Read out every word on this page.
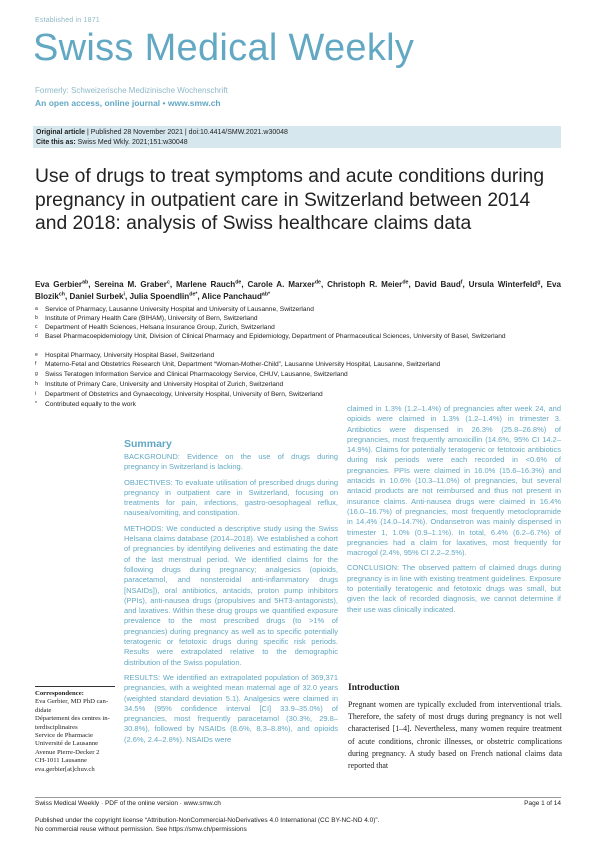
Established in 1871
Swiss Medical Weekly
Formerly: Schweizerische Medizinische Wochenschrift
An open access, online journal • www.smw.ch
Original article | Published 28 November 2021 | doi:10.4414/SMW.2021.w30048
Cite this as: Swiss Med Wkly. 2021;151:w30048
Use of drugs to treat symptoms and acute conditions during pregnancy in outpatient care in Switzerland between 2014 and 2018: analysis of Swiss healthcare claims data
Eva Gerbier$^{ab}$, Sereina M. Graber$^c$, Marlene Rauch$^{de}$, Carole A. Marxer$^{de}$, Christoph R. Meier$^{de}$, David Baud$^f$, Ursula Winterfeld$^g$, Eva Blozik$^{ch}$, Daniel Surbek$^i$, Julia Spoendlin$^{de*}$, Alice Panchaud$^{ab*}$
a Service of Pharmacy, Lausanne University Hospital and University of Lausanne, Switzerland
b Institute of Primary Health Care (BIHAM), University of Bern, Switzerland
c Department of Health Sciences, Helsana Insurance Group, Zurich, Switzerland
d Basel Pharmacoepidemiology Unit, Division of Clinical Pharmacy and Epidemiology, Department of Pharmaceutical Sciences, University of Basel, Switzerland
e Hospital Pharmacy, University Hospital Basel, Switzerland
f Materno-Fetal and Obstetrics Research Unit, Department “Woman-Mother-Child”, Lausanne University Hospital, Lausanne, Switzerland
g Swiss Teratogen Information Service and Clinical Pharmacology Service, CHUV, Lausanne, Switzerland
h Institute of Primary Care, University and University Hospital of Zurich, Switzerland
i Department of Obstetrics and Gynaecology, University Hospital, University of Bern, Switzerland
* Contributed equally to the work
Correspondence:
Eva Gerbier, MD PhD can-
didate
Département des centres in-
terdisciplinaires
Service de Pharmacie
Université de Lausanne
Avenue Pierre-Decker 2
CH-1011 Lausanne
eva.gerbier[at]chuv.ch
Summary

BACKGROUND: Evidence on the use of drugs during pregnancy in Switzerland is lacking.

OBJECTIVES: To evaluate utilisation of prescribed drugs during pregnancy in outpatient care in Switzerland, focusing on treatments for pain, infections, gastro-oesophageal reflux, nausea/vomiting, and constipation.

METHODS: We conducted a descriptive study using the Swiss Helsana claims database (2014–2018). We established a cohort of pregnancies by identifying deliveries and estimating the date of the last menstrual period. We identified claims for the following drugs during pregnancy; analgesics (opioids, paracetamol, and nonsteroidal anti-inflammatory drugs [NSAIDs]), oral antibiotics, antacids, proton pump inhibitors (PPIs), anti-nausea drugs (propulsives and 5HT3-antagonists), and laxatives. Within these drug groups we quantified exposure prevalence to the most prescribed drugs (to >1% of pregnancies) during pregnancy as well as to specific potentially teratogenic or fetotoxic drugs during specific risk periods. Results were extrapolated relative to the demographic distribution of the Swiss population.

RESULTS: We identified an extrapolated population of 369,371 pregnancies, with a weighted mean maternal age of 32.0 years (weighted standard deviation 5.1). Analgesics were claimed in 34.5% (95% confidence interval [CI] 33.9–35.0%) of pregnancies, most frequently paracetamol (30.3%, 29.8–30.8%), followed by NSAIDs (8.6%, 8.3–8.8%), and opioids (2.6%, 2.4–2.8%). NSAIDs were

claimed in 1.3% (1.2–1.4%) of pregnancies after week 24, and opioids were claimed in 1.3% (1.2–1.4%) in trimester 3. Antibiotics were dispensed in 26.3% (25.8–26.8%) of pregnancies, most frequently amoxicillin (14.6%, 95% CI 14.2–14.9%). Claims for potentially teratogenic or fetotoxic antibiotics during risk periods were each recorded in <0.6% of pregnancies. PPIs were claimed in 16.0% (15.6–16.3%) and antacids in 10.6% (10.3–11.0%) of pregnancies, but several antacid products are not reimbursed and thus not present in insurance claims. Anti-nausea drugs were claimed in 16.4% (16.0–16.7%) of pregnancies, most frequently metoclopramide in 14.4% (14.0–14.7%). Ondansetron was mainly dispensed in trimester 1, 1.0% (0.9–1.1%). In total, 6.4% (6.2–6.7%) of pregnancies had a claim for laxatives, most frequently for macrogol (2.4%, 95% CI 2.2–2.5%).

CONCLUSION: The observed pattern of claimed drugs during pregnancy is in line with existing treatment guidelines. Exposure to potentially teratogenic and fetotoxic drugs was small, but given the lack of recorded diagnosis, we cannot determine if their use was clinically indicated.

Introduction
Pregnant women are typically excluded from interventional trials. Therefore, the safety of most drugs during pregnancy is not well characterised [1–4]. Nevertheless, many women require treatment of acute conditions, chronic illnesses, or obstetric complications during pregnancy. A study based on French national claims data reported that
Swiss Medical Weekly · PDF of the online version · www.smw.ch	Page 1 of 14
Published under the copyright license “Attribution-NonCommercial-NoDerivatives 4.0 International (CC BY-NC-ND 4.0)”.
No commercial reuse without permission. See https://smw.ch/permissions
